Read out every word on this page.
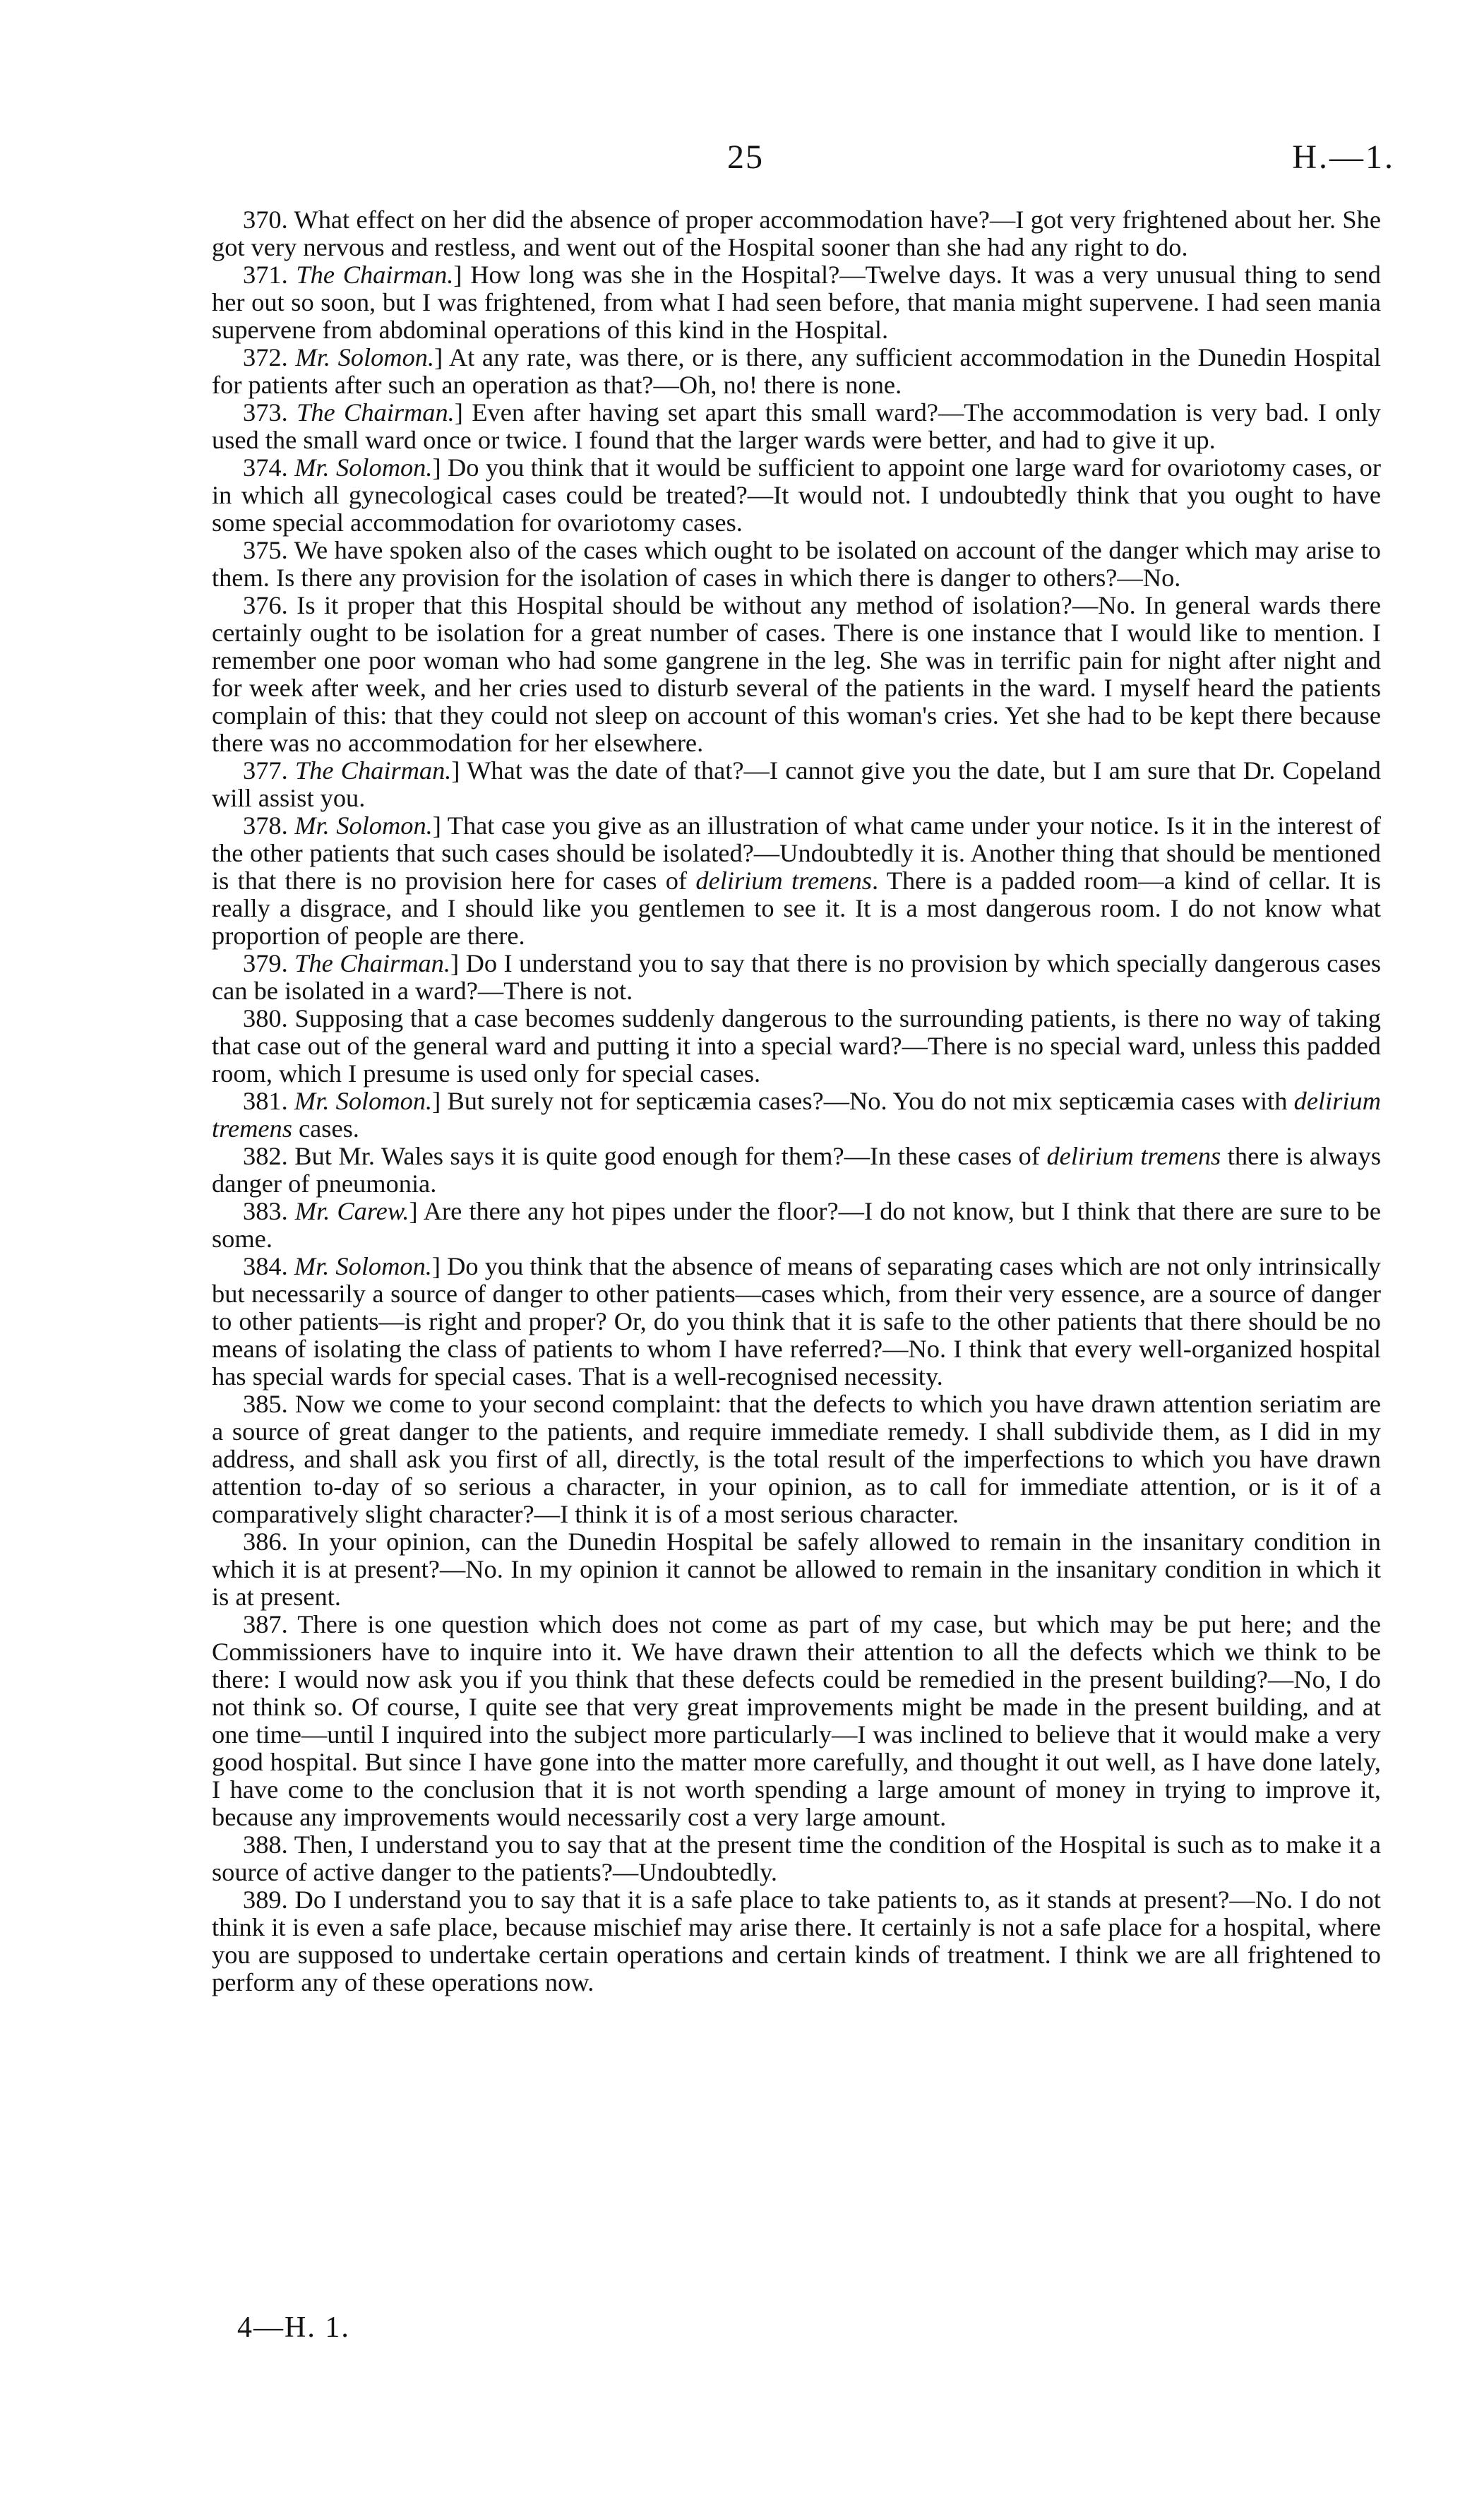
25	H.—1.

370. What effect on her did the absence of proper accommodation have?—I got very frightened about her. She got very nervous and restless, and went out of the Hospital sooner than she had any right to do.

371. The Chairman.] How long was she in the Hospital?—Twelve days. It was a very unusual thing to send her out so soon, but I was frightened, from what I had seen before, that mania might supervene. I had seen mania supervene from abdominal operations of this kind in the Hospital.

372. Mr. Solomon.] At any rate, was there, or is there, any sufficient accommodation in the Dunedin Hospital for patients after such an operation as that?—Oh, no! there is none.

373. The Chairman.] Even after having set apart this small ward?—The accommodation is very bad. I only used the small ward once or twice. I found that the larger wards were better, and had to give it up.

374. Mr. Solomon.] Do you think that it would be sufficient to appoint one large ward for ovariotomy cases, or in which all gynecological cases could be treated?—It would not. I undoubtedly think that you ought to have some special accommodation for ovariotomy cases.

375. We have spoken also of the cases which ought to be isolated on account of the danger which may arise to them. Is there any provision for the isolation of cases in which there is danger to others?—No.

376. Is it proper that this Hospital should be without any method of isolation?—No. In general wards there certainly ought to be isolation for a great number of cases. There is one instance that I would like to mention. I remember one poor woman who had some gangrene in the leg. She was in terrific pain for night after night and for week after week, and her cries used to disturb several of the patients in the ward. I myself heard the patients complain of this: that they could not sleep on account of this woman's cries. Yet she had to be kept there because there was no accommodation for her elsewhere.

377. The Chairman.] What was the date of that?—I cannot give you the date, but I am sure that Dr. Copeland will assist you.

378. Mr. Solomon.] That case you give as an illustration of what came under your notice. Is it in the interest of the other patients that such cases should be isolated?—Undoubtedly it is. Another thing that should be mentioned is that there is no provision here for cases of delirium tremens. There is a padded room—a kind of cellar. It is really a disgrace, and I should like you gentlemen to see it. It is a most dangerous room. I do not know what proportion of people are there.

379. The Chairman.] Do I understand you to say that there is no provision by which specially dangerous cases can be isolated in a ward?—There is not.

380. Supposing that a case becomes suddenly dangerous to the surrounding patients, is there no way of taking that case out of the general ward and putting it into a special ward?—There is no special ward, unless this padded room, which I presume is used only for special cases.

381. Mr. Solomon.] But surely not for septicæmia cases?—No. You do not mix septicæmia cases with delirium tremens cases.

382. But Mr. Wales says it is quite good enough for them?—In these cases of delirium tremens there is always danger of pneumonia.

383. Mr. Carew.] Are there any hot pipes under the floor?—I do not know, but I think that there are sure to be some.

384. Mr. Solomon.] Do you think that the absence of means of separating cases which are not only intrinsically but necessarily a source of danger to other patients—cases which, from their very essence, are a source of danger to other patients—is right and proper? Or, do you think that it is safe to the other patients that there should be no means of isolating the class of patients to whom I have referred?—No. I think that every well-organized hospital has special wards for special cases. That is a well-recognised necessity.

385. Now we come to your second complaint: that the defects to which you have drawn attention seriatim are a source of great danger to the patients, and require immediate remedy. I shall subdivide them, as I did in my address, and shall ask you first of all, directly, is the total result of the imperfections to which you have drawn attention to-day of so serious a character, in your opinion, as to call for immediate attention, or is it of a comparatively slight character?—I think it is of a most serious character.

386. In your opinion, can the Dunedin Hospital be safely allowed to remain in the insanitary condition in which it is at present?—No. In my opinion it cannot be allowed to remain in the insanitary condition in which it is at present.

387. There is one question which does not come as part of my case, but which may be put here; and the Commissioners have to inquire into it. We have drawn their attention to all the defects which we think to be there: I would now ask you if you think that these defects could be remedied in the present building?—No, I do not think so. Of course, I quite see that very great improvements might be made in the present building, and at one time—until I inquired into the subject more particularly—I was inclined to believe that it would make a very good hospital. But since I have gone into the matter more carefully, and thought it out well, as I have done lately, I have come to the conclusion that it is not worth spending a large amount of money in trying to improve it, because any improvements would necessarily cost a very large amount.

388. Then, I understand you to say that at the present time the condition of the Hospital is such as to make it a source of active danger to the patients?—Undoubtedly.

389. Do I understand you to say that it is a safe place to take patients to, as it stands at present?—No. I do not think it is even a safe place, because mischief may arise there. It certainly is not a safe place for a hospital, where you are supposed to undertake certain operations and certain kinds of treatment. I think we are all frightened to perform any of these operations now.

4—H. 1.
